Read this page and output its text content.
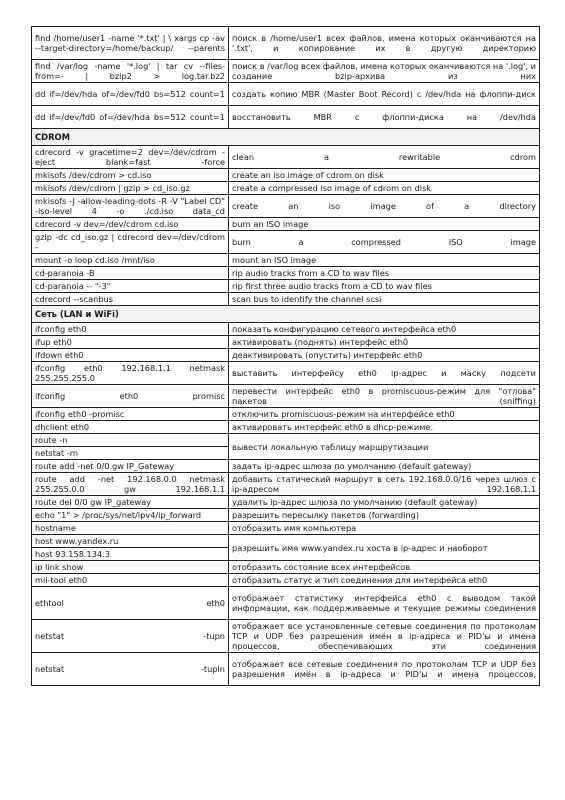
find /home/user1 -name '*.txt' | \ xargs cp -av --target-directory=/home/backup/ --parents	поиск в /home/user1 всех файлов, имена которых оканчиваются на '.txt', и копирование их в другую директорию
find /var/log -name '*.log' | tar cv --files-from=- | bzip2 > log.tar.bz2	поиск в /var/log всех файлов, имена которых оканчиваются на '.log', и создание bzip-архива из них
dd if=/dev/hda of=/dev/fd0 bs=512 count=1	создать копию MBR (Master Boot Record) с /dev/hda на флоппи-диск
dd if=/dev/fd0 of=/dev/hda bs=512 count=1	восстановить MBR с флоппи-диска на /dev/hda
CDROM	
cdrecord -v gracetime=2 dev=/dev/cdrom -eject blank=fast -force	clean a rewritable cdrom
mkisofs /dev/cdrom > cd.iso	create an iso image of cdrom on disk
mkisofs /dev/cdrom | gzip > cd_iso.gz	create a compressed iso image of cdrom on disk
mkisofs -J -allow-leading-dots -R -V "Label CD" -iso-level 4 -o ./cd.iso data_cd	create an iso image of a directory
cdrecord -v dev=/dev/cdrom cd.iso	burn an ISO image
gzip -dc cd_iso.gz | cdrecord dev=/dev/cdrom -	burn a compressed ISO image
mount -o loop cd.iso /mnt/iso	mount an ISO image
cd-paranoia -B	rip audio tracks from a CD to wav files
cd-paranoia -- "-3"	rip first three audio tracks from a CD to wav files
cdrecord --scanbus	scan bus to identify the channel scsi
Сеть (LAN и WiFi)	
ifconfig eth0	показать конфигурацию сетевого интерфейса eth0
ifup eth0	активировать (поднять) интерфейс eth0
ifdown eth0	деактивировать (опустить) интерфейс eth0
ifconfig eth0 192.168.1.1 netmask 255.255.255.0	выставить интерфейсу eth0 ip-адрес и маску подсети
ifconfig eth0 promisc	перевести интерфейс eth0 в promiscuous-режим для "отлова" пакетов (sniffing)
ifconfig eth0 -promisc	отключить promiscuous-режим на интерфейсе eth0
dhclient eth0	активировать интерфейс eth0 в dhcp-режиме.
route -n	вывести локальную таблицу маршрутизации
netstat -rn	
route add -net 0/0 gw IP_Gateway	задать ip-адрес шлюза по умолчанию (default gateway)
route add -net 192.168.0.0 netmask 255.255.0.0 gw 192.168.1.1	добавить статический маршрут в сеть 192.168.0.0/16 через шлюз с ip-адресом 192.168.1.1
route del 0/0 gw IP_gateway	удалить ip-адрес шлюза по умолчанию (default gateway)
echo "1" > /proc/sys/net/ipv4/ip_forward	разрешить пересылку пакетов (forwarding)
hostname	отобразить имя компьютера
host www.yandex.ru	разрешить имя www.yandex.ru хоста в ip-адрес и наоборот
host 93.158.134.3	
ip link show	отобразить состояние всех интерфейсов
mii-tool eth0	отобразить статус и тип соединения для интерфейса eth0
ethtool eth0	отображает статистику интерфейса eth0 с выводом такой информации, как поддерживаемые и текущие режимы соединения
netstat -tupn	отображает все установленные сетевые соединения по протоколам TCP и UDP без разрешения имён в ip-адреса и PID'ы и имена процессов, обеспечивающих эти соединения
netstat -tupln	отображает все сетевые соединения по протоколам TCP и UDP без разрешения имён в ip-адреса и PID'ы и имена процессов,
